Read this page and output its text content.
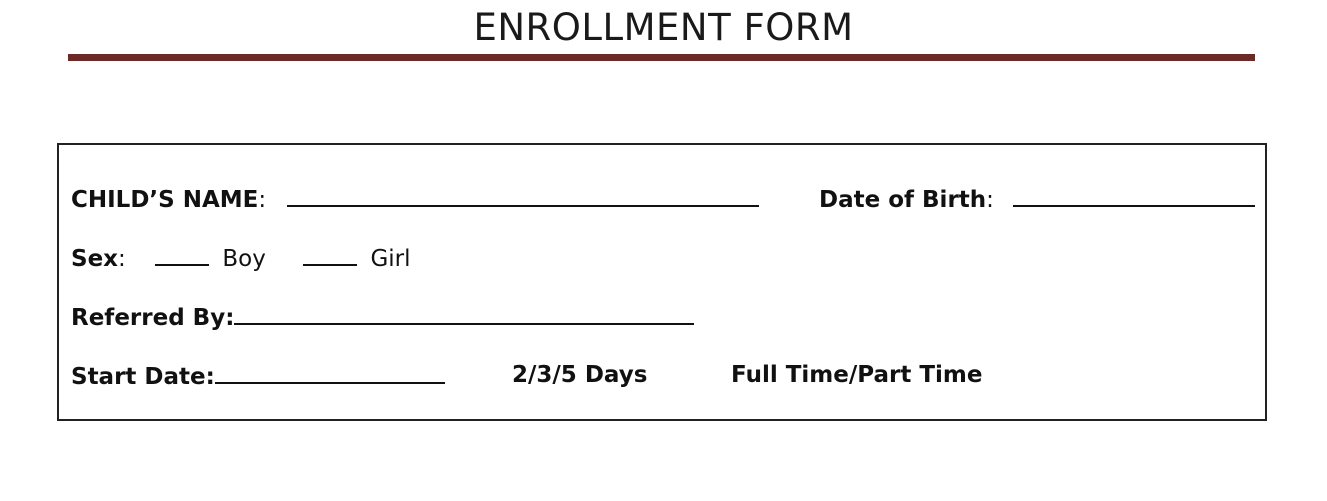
ENROLLMENT FORM
CHILD’S NAME:	Date of Birth:
Sex:	Boy	Girl
Referred By:
Start Date:	2/3/5 Days	Full Time/Part Time
